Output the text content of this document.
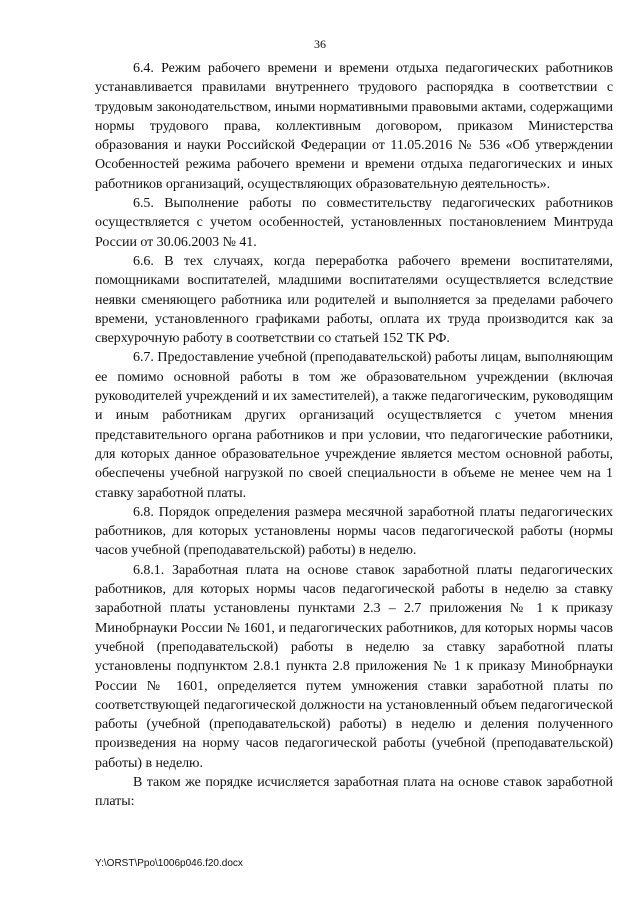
36

6.4. Режим рабочего времени и времени отдыха педагогических работников устанавливается правилами внутреннего трудового распорядка в соответствии с трудовым законодательством, иными нормативными правовыми актами, содержащими нормы трудового права, коллективным договором, приказом Министерства образования и науки Российской Федерации от 11.05.2016 № 536 «Об утверждении Особенностей режима рабочего времени и времени отдыха педагогических и иных работников организаций, осуществляющих образовательную деятельность».

6.5. Выполнение работы по совместительству педагогических работников осуществляется с учетом особенностей, установленных постановлением Минтруда России от 30.06.2003 № 41.

6.6. В тех случаях, когда переработка рабочего времени воспитателями, помощниками воспитателей, младшими воспитателями осуществляется вследствие неявки сменяющего работника или родителей и выполняется за пределами рабочего времени, установленного графиками работы, оплата их труда производится как за сверхурочную работу в соответствии со статьей 152 ТК РФ.

6.7. Предоставление учебной (преподавательской) работы лицам, выполняющим ее помимо основной работы в том же образовательном учреждении (включая руководителей учреждений и их заместителей), а также педагогическим, руководящим и иным работникам других организаций осуществляется с учетом мнения представительного органа работников и при условии, что педагогические работники, для которых данное образовательное учреждение является местом основной работы, обеспечены учебной нагрузкой по своей специальности в объеме не менее чем на 1 ставку заработной платы.

6.8. Порядок определения размера месячной заработной платы педагогических работников, для которых установлены нормы часов педагогической работы (нормы часов учебной (преподавательской) работы) в неделю.

6.8.1. Заработная плата на основе ставок заработной платы педагогических работников, для которых нормы часов педагогической работы в неделю за ставку заработной платы установлены пунктами 2.3 – 2.7 приложения № 1 к приказу Минобрнауки России № 1601, и педагогических работников, для которых нормы часов учебной (преподавательской) работы в неделю за ставку заработной платы установлены подпунктом 2.8.1 пункта 2.8 приложения № 1 к приказу Минобрнауки России № 1601, определяется путем умножения ставки заработной платы по соответствующей педагогической должности на установленный объем педагогической работы (учебной (преподавательской) работы) в неделю и деления полученного произведения на норму часов педагогической работы (учебной (преподавательской) работы) в неделю.

В таком же порядке исчисляется заработная плата на основе ставок заработной платы:

Y:\ORST\Ppo\1006p046.f20.docx
